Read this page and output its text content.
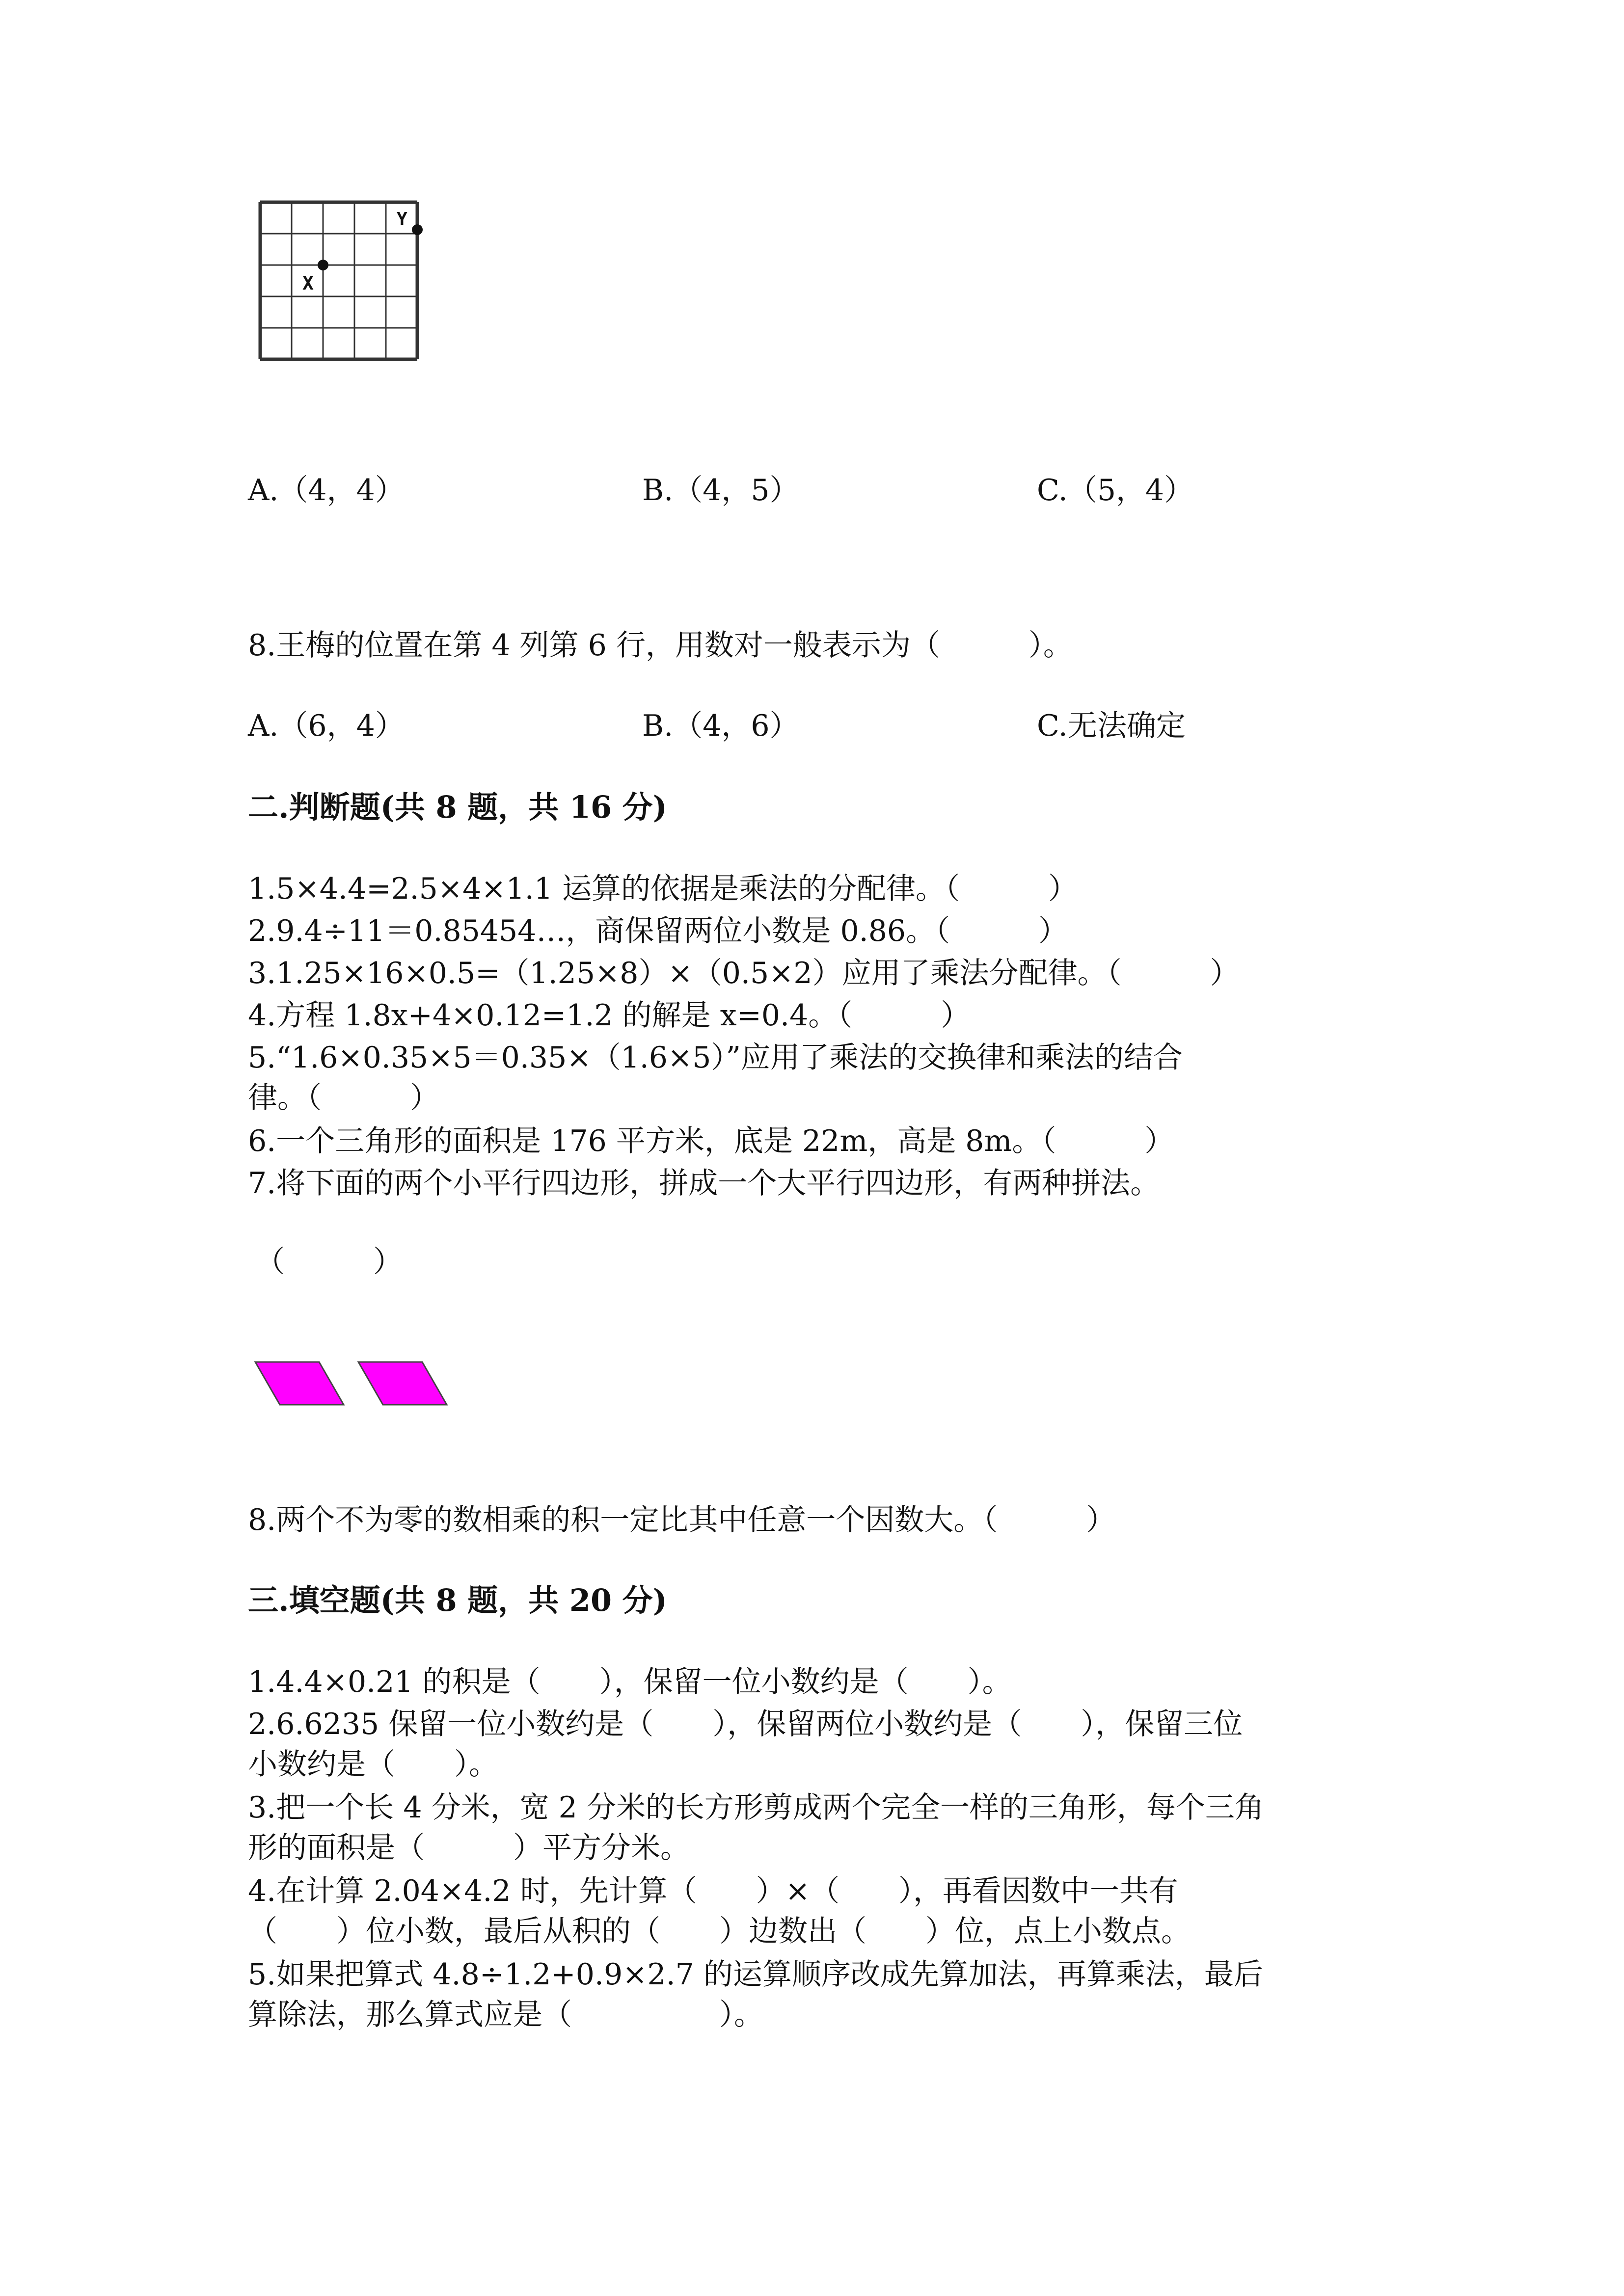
X
Y
A.（4，4）	B.（4，5）	C.（5，4）
8.王梅的位置在第 4 列第 6 行，用数对一般表示为（　　　）。
A.（6，4）	B.（4，6）	C.无法确定
二.判断题(共 8 题，共 16 分)
1.5×4.4=2.5×4×1.1 运算的依据是乘法的分配律。（　　　）
2.9.4÷11＝0.85454…，商保留两位小数是 0.86。（　　　）
3.1.25×16×0.5=（1.25×8）×（0.5×2）应用了乘法分配律。（　　　）
4.方程 1.8x+4×0.12=1.2 的解是 x=0.4。（　　　）
5.“1.6×0.35×5＝0.35×（1.6×5）”应用了乘法的交换律和乘法的结合
律。（　　　）
6.一个三角形的面积是 176 平方米，底是 22m，高是 8m。（　　　）
7.将下面的两个小平行四边形，拼成一个大平行四边形，有两种拼法。
（　　　）
8.两个不为零的数相乘的积一定比其中任意一个因数大。（　　　）
三.填空题(共 8 题，共 20 分)
1.4.4×0.21 的积是（　　），保留一位小数约是（　　）。
2.6.6235 保留一位小数约是（　　），保留两位小数约是（　　），保留三位
小数约是（　　）。
3.把一个长 4 分米，宽 2 分米的长方形剪成两个完全一样的三角形，每个三角
形的面积是（　　　）平方分米。
4.在计算 2.04×4.2 时，先计算（　　）×（　　），再看因数中一共有
（　　）位小数，最后从积的（　　）边数出（　　）位，点上小数点。
5.如果把算式 4.8÷1.2+0.9×2.7 的运算顺序改成先算加法，再算乘法，最后
算除法，那么算式应是（　　　　　）。
